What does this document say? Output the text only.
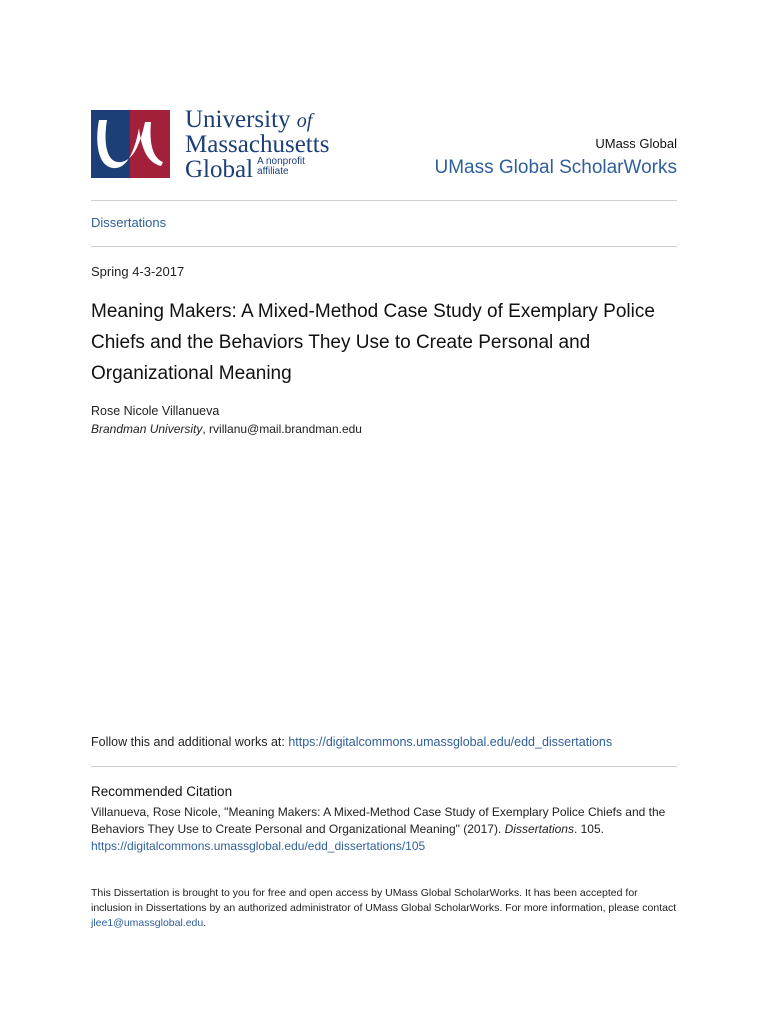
University of
Massachusetts
Global A nonprofit
affiliate
UMass Global
UMass Global ScholarWorks
Dissertations
Spring 4-3-2017
Meaning Makers: A Mixed-Method Case Study of Exemplary Police Chiefs and the Behaviors They Use to Create Personal and Organizational Meaning
Rose Nicole Villanueva
Brandman University, rvillanu@mail.brandman.edu
Follow this and additional works at: https://digitalcommons.umassglobal.edu/edd_dissertations
Recommended Citation
Villanueva, Rose Nicole, "Meaning Makers: A Mixed-Method Case Study of Exemplary Police Chiefs and the Behaviors They Use to Create Personal and Organizational Meaning" (2017). Dissertations. 105.
https://digitalcommons.umassglobal.edu/edd_dissertations/105
This Dissertation is brought to you for free and open access by UMass Global ScholarWorks. It has been accepted for inclusion in Dissertations by an authorized administrator of UMass Global ScholarWorks. For more information, please contact jlee1@umassglobal.edu.
